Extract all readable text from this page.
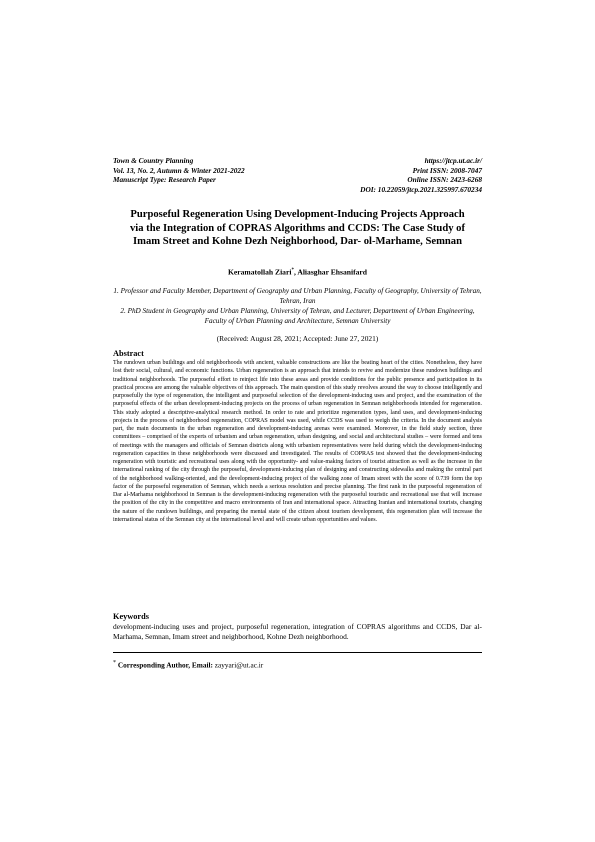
Town & Country Planning
Vol. 13, No. 2, Autumn & Winter 2021-2022
Manuscript Type: Research Paper
https://jtcp.ut.ac.ir/
Print ISSN: 2008-7047
Online ISSN: 2423-6268
DOI: 10.22059/jtcp.2021.325997.670234
Purposeful Regeneration Using Development-Inducing Projects Approach via the Integration of COPRAS Algorithms and CCDS: The Case Study of Imam Street and Kohne Dezh Neighborhood, Dar- ol-Marhame, Semnan
Keramatollah Ziari*, Aliasghar Ehsanifard

1. Professor and Faculty Member, Department of Geography and Urban Planning, Faculty of Geography, University of Tehran, Tehran, Iran

2. PhD Student in Geography and Urban Planning, University of Tehran, and Lecturer, Department of Urban Engineering, Faculty of Urban Planning and Architecture, Semnan University

(Received: August 28, 2021; Accepted: June 27, 2021)
Abstract
The rundown urban buildings and old neighborhoods with ancient, valuable constructions are like the beating heart of the cities. Nonetheless, they have lost their social, cultural, and economic functions. Urban regeneration is an approach that intends to revive and modernize these rundown buildings and traditional neighborhoods. The purposeful effort to reinject life into these areas and provide conditions for the public presence and participation in its practical process are among the valuable objectives of this approach. The main question of this study revolves around the way to choose intelligently and purposefully the type of regeneration, the intelligent and purposeful selection of the development-inducing uses and project, and the examination of the purposeful effects of the urban development-inducing projects on the process of urban regeneration in Semnan neighborhoods intended for regeneration. This study adopted a descriptive-analytical research method. In order to rate and prioritize regeneration types, land uses, and development-inducing projects in the process of neighborhood regeneration, COPRAS model was used, while CCDS was used to weigh the criteria. In the document analysis part, the main documents in the urban regeneration and development-inducing arenas were examined. Moreover, in the field study section, three committees – comprised of the experts of urbanism and urban regeneration, urban designing, and social and architectural studies – were formed and tens of meetings with the managers and officials of Semnan districts along with urbanism representatives were held during which the development-inducing regeneration capacities in these neighborhoods were discussed and investigated. The results of COPRAS test showed that the development-inducing regeneration with touristic and recreational uses along with the opportunity- and value-making factors of tourist attraction as well as the increase in the international ranking of the city through the purposeful, development-inducing plan of designing and constructing sidewalks and making the central part of the neighborhood walking-oriented, and the development-inducing project of the walking zone of Imam street with the score of 0.739 form the top factor of the purposeful regeneration of Semnan, which needs a serious resolution and precise planning. The first rank in the purposeful regeneration of Dar al-Marhama neighborhood in Semnan is the development-inducing regeneration with the purposeful touristic and recreational use that will increase the position of the city in the competitive and macro environments of Iran and international space. Attracting Iranian and international tourists, changing the nature of the rundown buildings, and preparing the mental state of the citizen about tourism development, this regeneration plan will increase the international status of the Semnan city at the international level and will create urban opportunities and values.
Keywords
development-inducing uses and project, purposeful regeneration, integration of COPRAS algorithms and CCDS, Dar al-Marhama, Semnan, Imam street and neighborhood, Kohne Dezh neighborhood.
* Corresponding Author, Email: zayyari@ut.ac.ir
